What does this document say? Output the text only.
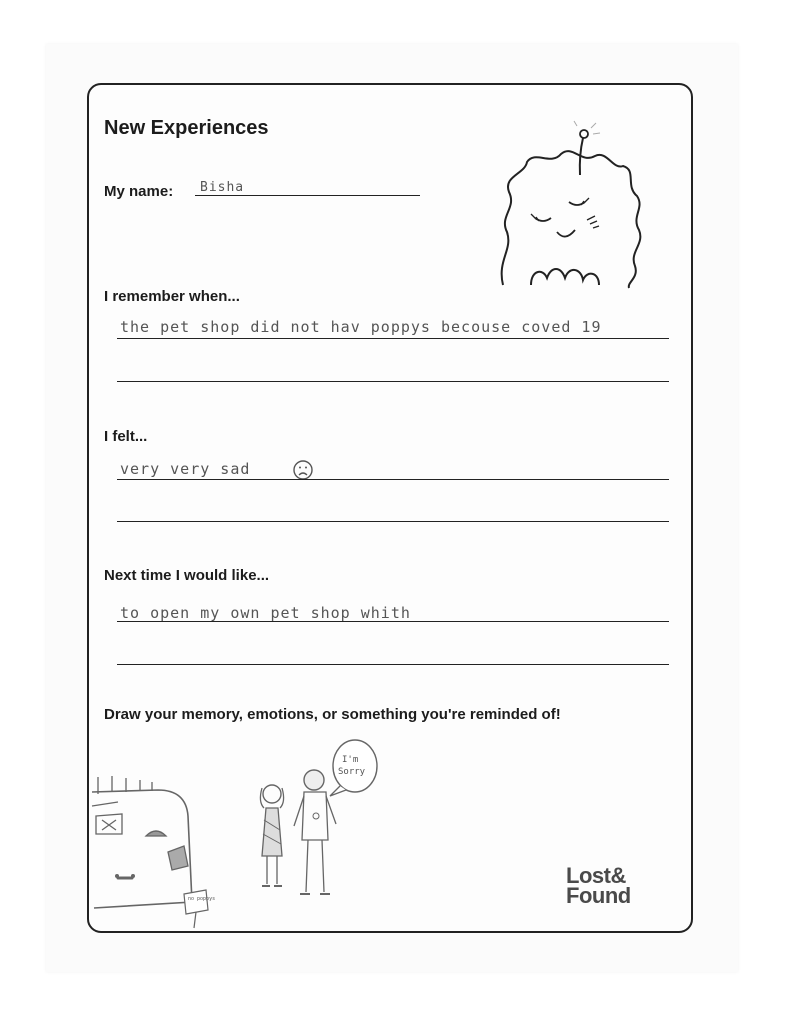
New Experiences
My name: Bisha
I remember when...
the pet shop did not hav poppys becouse coved 19
I felt...
very very sad
Next time I would like...
to open my own pet shop whith
Draw your memory, emotions, or something you're reminded of!
no poppys
I'm
Sorry
Lost&
Found
